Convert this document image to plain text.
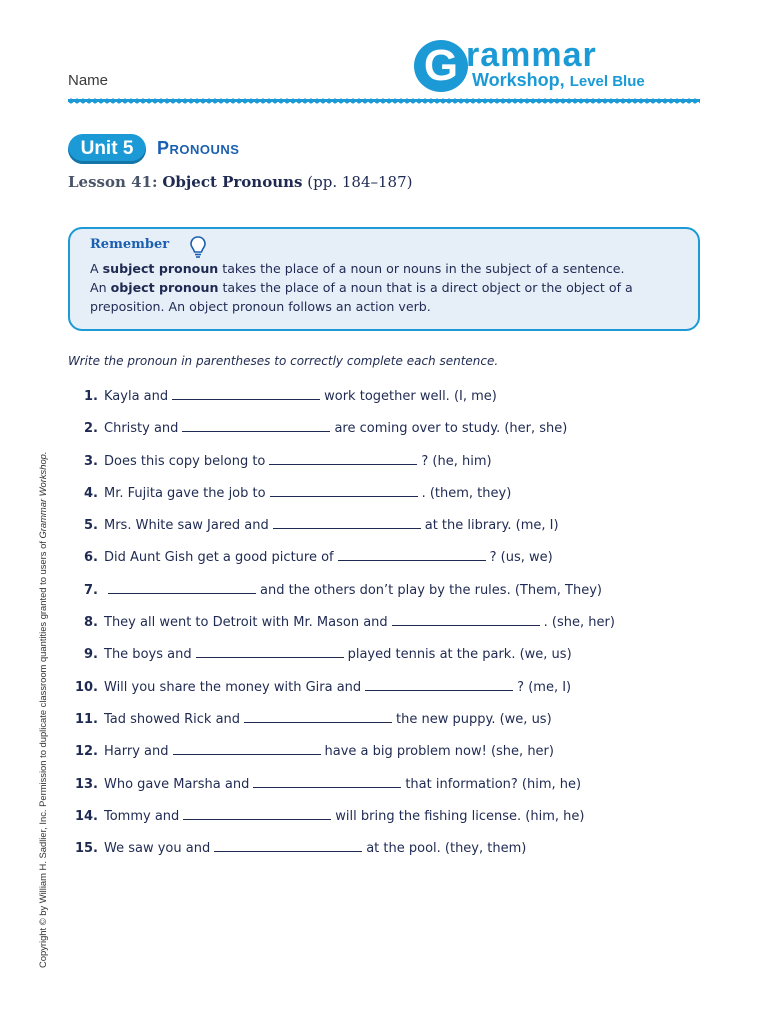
Name	G rammar
Workshop, Level Blue
Unit 5	Pronouns
Lesson 41: Object Pronouns (pp. 184–187)
Remember

A subject pronoun takes the place of a noun or nouns in the subject of a sentence.

An object pronoun takes the place of a noun that is a direct object or the object of a preposition. An object pronoun follows an action verb.

Write the pronoun in parentheses to correctly complete each sentence.
1. Kayla and	work together well. (I, me)
2. Christy and	are coming over to study. (her, she)
3. Does this copy belong to	? (he, him)
4. Mr. Fujita gave the job to	. (them, they)
5. Mrs. White saw Jared and	at the library. (me, I)
6. Did Aunt Gish get a good picture of	? (us, we)
7.	and the others don’t play by the rules. (Them, They)
8. They all went to Detroit with Mr. Mason and	. (she, her)
9. The boys and	played tennis at the park. (we, us)
10. Will you share the money with Gira and	? (me, I)
11. Tad showed Rick and	the new puppy. (we, us)
12. Harry and	have a big problem now! (she, her)
13. Who gave Marsha and	that information? (him, he)
14. Tommy and	will bring the fishing license. (him, he)
15. We saw you and	at the pool. (they, them)
Copyright © by William H. Sadlier, Inc. Permission to duplicate classroom quantities granted to users of Grammar Workshop.
